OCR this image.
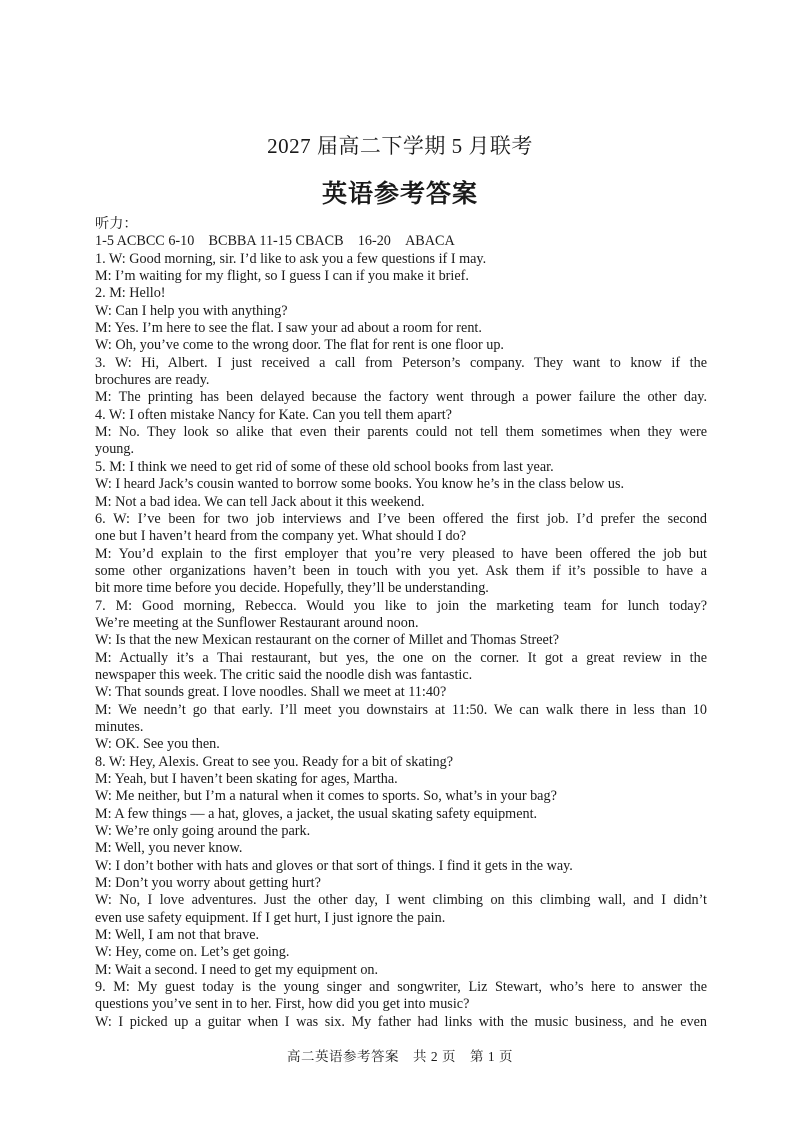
2027 届高二下学期 5 月联考
英语参考答案
听力：
1-5 ACBCC 6-10　BCBBA 11-15 CBACB　16-20　ABACA
1. W: Good morning, sir. I’d like to ask you a few questions if I may.
M: I’m waiting for my flight, so I guess I can if you make it brief.
2. M: Hello!
W: Can I help you with anything?
M: Yes. I’m here to see the flat. I saw your ad about a room for rent.
W: Oh, you’ve come to the wrong door. The flat for rent is one floor up.
3. W: Hi, Albert. I just received a call from Peterson’s company. They want to know if the
brochures are ready.
M: The printing has been delayed because the factory went through a power failure the other day.
4. W: I often mistake Nancy for Kate. Can you tell them apart?
M: No. They look so alike that even their parents could not tell them sometimes when they were
young.
5. M: I think we need to get rid of some of these old school books from last year.
W: I heard Jack’s cousin wanted to borrow some books. You know he’s in the class below us.
M: Not a bad idea. We can tell Jack about it this weekend.
6. W: I’ve been for two job interviews and I’ve been offered the first job. I’d prefer the second
one but I haven’t heard from the company yet. What should I do?
M: You’d explain to the first employer that you’re very pleased to have been offered the job but
some other organizations haven’t been in touch with you yet. Ask them if it’s possible to have a
bit more time before you decide. Hopefully, they’ll be understanding.
7. M: Good morning, Rebecca. Would you like to join the marketing team for lunch today?
We’re meeting at the Sunflower Restaurant around noon.
W: Is that the new Mexican restaurant on the corner of Millet and Thomas Street?
M: Actually it’s a Thai restaurant, but yes, the one on the corner. It got a great review in the
newspaper this week. The critic said the noodle dish was fantastic.
W: That sounds great. I love noodles. Shall we meet at 11:40?
M: We needn’t go that early. I’ll meet you downstairs at 11:50. We can walk there in less than 10
minutes.
W: OK. See you then.
8. W: Hey, Alexis. Great to see you. Ready for a bit of skating?
M: Yeah, but I haven’t been skating for ages, Martha.
W: Me neither, but I’m a natural when it comes to sports. So, what’s in your bag?
M: A few things — a hat, gloves, a jacket, the usual skating safety equipment.
W: We’re only going around the park.
M: Well, you never know.
W: I don’t bother with hats and gloves or that sort of things. I find it gets in the way.
M: Don’t you worry about getting hurt?
W: No, I love adventures. Just the other day, I went climbing on this climbing wall, and I didn’t
even use safety equipment. If I get hurt, I just ignore the pain.
M: Well, I am not that brave.
W: Hey, come on. Let’s get going.
M: Wait a second. I need to get my equipment on.
9. M: My guest today is the young singer and songwriter, Liz Stewart, who’s here to answer the
questions you’ve sent in to her. First, how did you get into music?
W: I picked up a guitar when I was six. My father had links with the music business, and he even
高二英语参考答案　共 2 页　第 1 页
